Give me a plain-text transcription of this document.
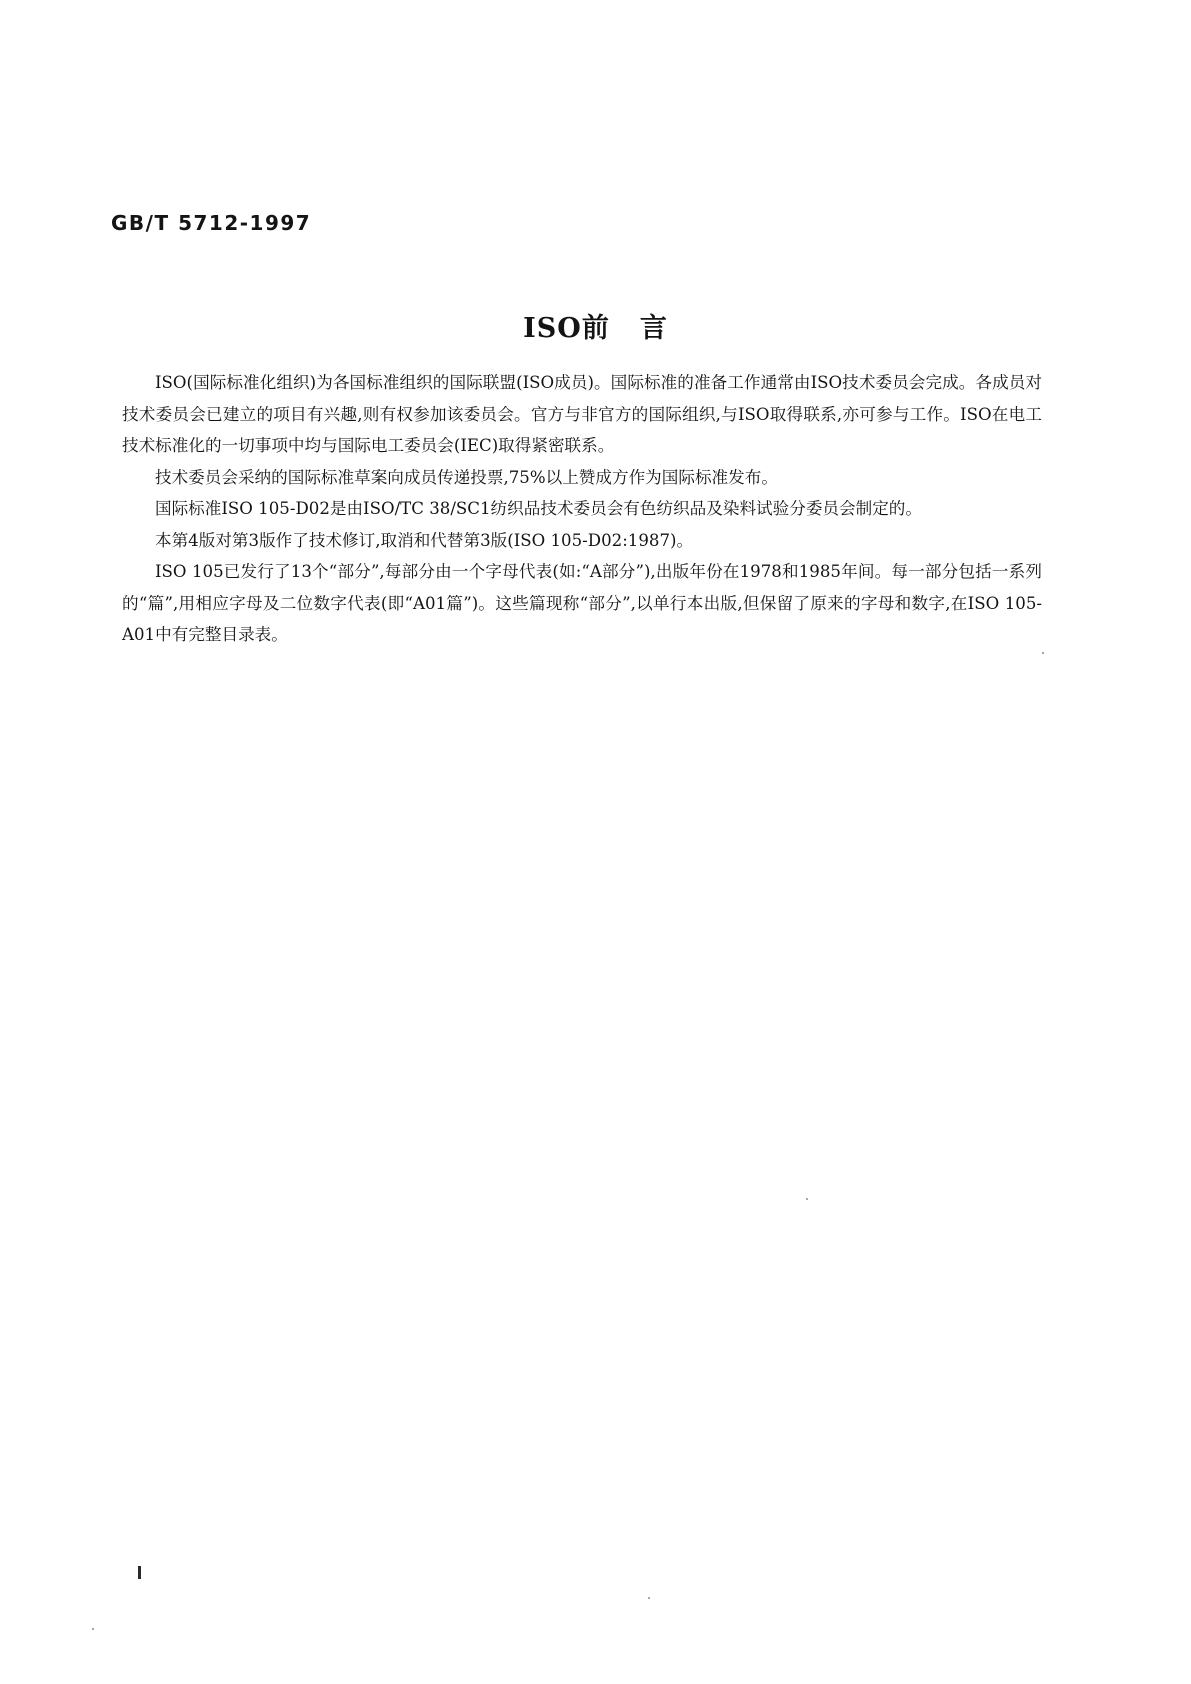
GB/T 5712-1997
ISO前 言

ISO(国际标准化组织)为各国标准组织的国际联盟(ISO成员)。国际标准的准备工作通常由ISO技术委员会完成。各成员对技术委员会已建立的项目有兴趣,则有权参加该委员会。官方与非官方的国际组织,与ISO取得联系,亦可参与工作。ISO在电工技术标准化的一切事项中均与国际电工委员会(IEC)取得紧密联系。

技术委员会采纳的国际标准草案向成员传递投票,75%以上赞成方作为国际标准发布。

国际标准ISO 105-D02是由ISO/TC 38/SC1纺织品技术委员会有色纺织品及染料试验分委员会制定的。

本第4版对第3版作了技术修订,取消和代替第3版(ISO 105-D02:1987)。

ISO 105已发行了13个“部分”,每部分由一个字母代表(如:“A部分”),出版年份在1978和1985年间。每一部分包括一系列的“篇”,用相应字母及二位数字代表(即“A01篇”)。这些篇现称“部分”,以单行本出版,但保留了原来的字母和数字,在ISO 105-A01中有完整目录表。
